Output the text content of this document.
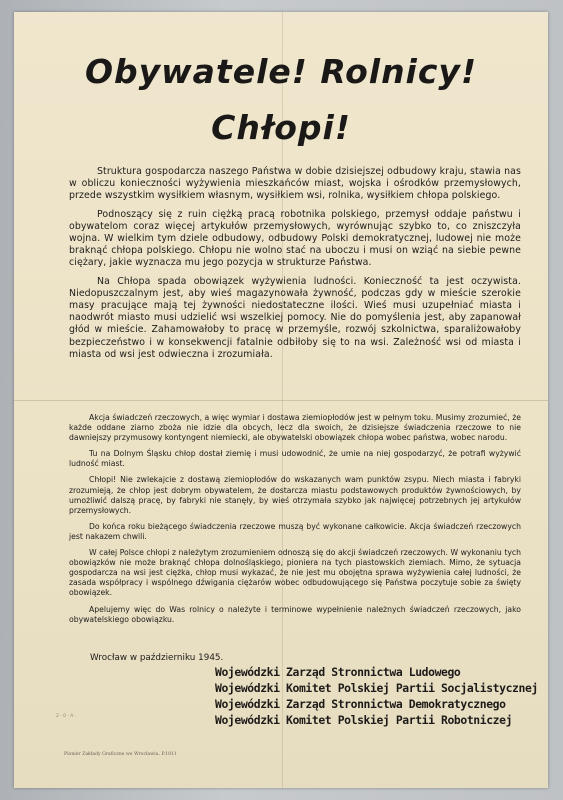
Obywatele! Rolnicy!
Chłopi!

Struktura gospodarcza naszego Państwa w dobie dzisiejszej odbudowy kraju, stawia nas w obliczu konieczności wyżywienia mieszkańców miast, wojska i ośrodków przemysłowych, przede wszystkim wysiłkiem własnym, wysiłkiem wsi, rolnika, wysiłkiem chłopa polskiego.

Podnoszący się z ruin ciężką pracą robotnika polskiego, przemysł oddaje państwu i obywatelom coraz więcej artykułów przemysłowych, wyrównując szybko to, co zniszczyła wojna. W wielkim tym dziele odbudowy, odbudowy Polski demokratycznej, ludowej nie może braknąć chłopa polskiego. Chłopu nie wolno stać na uboczu i musi on wziąć na siebie pewne ciężary, jakie wyznacza mu jego pozycja w strukturze Państwa.

Na Chłopa spada obowiązek wyżywienia ludności. Konieczność ta jest oczywista. Niedopuszczalnym jest, aby wieś magazynowała żywność, podczas gdy w mieście szerokie masy pracujące mają tej żywności niedostateczne ilości. Wieś musi uzupełniać miasta i naodwrót miasto musi udzielić wsi wszelkiej pomocy. Nie do pomyślenia jest, aby zapanował głód w mieście. Zahamowałoby to pracę w przemyśle, rozwój szkolnictwa, sparaliżowałoby bezpieczeństwo i w konsekwencji fatalnie odbiłoby się to na wsi. Zależność wsi od miasta i miasta od wsi jest odwieczna i zrozumiała.

Akcja świadczeń rzeczowych, a więc wymiar i dostawa ziemiopłodów jest w pełnym toku. Musimy zrozumieć, że każde oddane ziarno zboża nie idzie dla obcych, lecz dla swoich, że dzisiejsze świadczenia rzeczowe to nie dawniejszy przymusowy kontyngent niemiecki, ale obywatelski obowiązek chłopa wobec państwa, wobec narodu.

Tu na Dolnym Śląsku chłop dostał ziemię i musi udowodnić, że umie na niej gospodarzyć, że potrafi wyżywić ludność miast.

Chłopi! Nie zwlekajcie z dostawą ziemiopłodów do wskazanych wam punktów zsypu. Niech miasta i fabryki zrozumieją, że chłop jest dobrym obywatelem, że dostarcza miastu podstawowych produktów żywnościowych, by umożliwić dalszą pracę, by fabryki nie stanęły, by wieś otrzymała szybko jak najwięcej potrzebnych jej artykułów przemysłowych.

Do końca roku bieżącego świadczenia rzeczowe muszą być wykonane całkowicie. Akcja świadczeń rzeczowych jest nakazem chwili.

W całej Polsce chłopi z należytym zrozumieniem odnoszą się do akcji świadczeń rzeczowych. W wykonaniu tych obowiązków nie może braknąć chłopa dolnośląskiego, pioniera na tych piastowskich ziemiach. Mimo, że sytuacja gospodarcza na wsi jest ciężka, chłop musi wykazać, że nie jest mu obojętna sprawa wyżywienia całej ludności, że zasada współpracy i wspólnego dźwigania ciężarów wobec odbudowującego się Państwa poczytuje sobie za święty obowiązek.

Apelujemy więc do Was rolnicy o należyte i terminowe wypełnienie należnych świadczeń rzeczowych, jako obywatelskiego obowiązku.

Wrocław w październiku 1945.
Wojewódzki Zarząd Stronnictwa Ludowego
Wojewódzki Komitet Polskiej Partii Socjalistycznej
Wojewódzki Zarząd Stronnictwa Demokratycznego
Wojewódzki Komitet Polskiej Partii Robotniczej
2 · 0 · A ·
Pionier Zakłady Graficzne we Wrocławiu. P.1811
